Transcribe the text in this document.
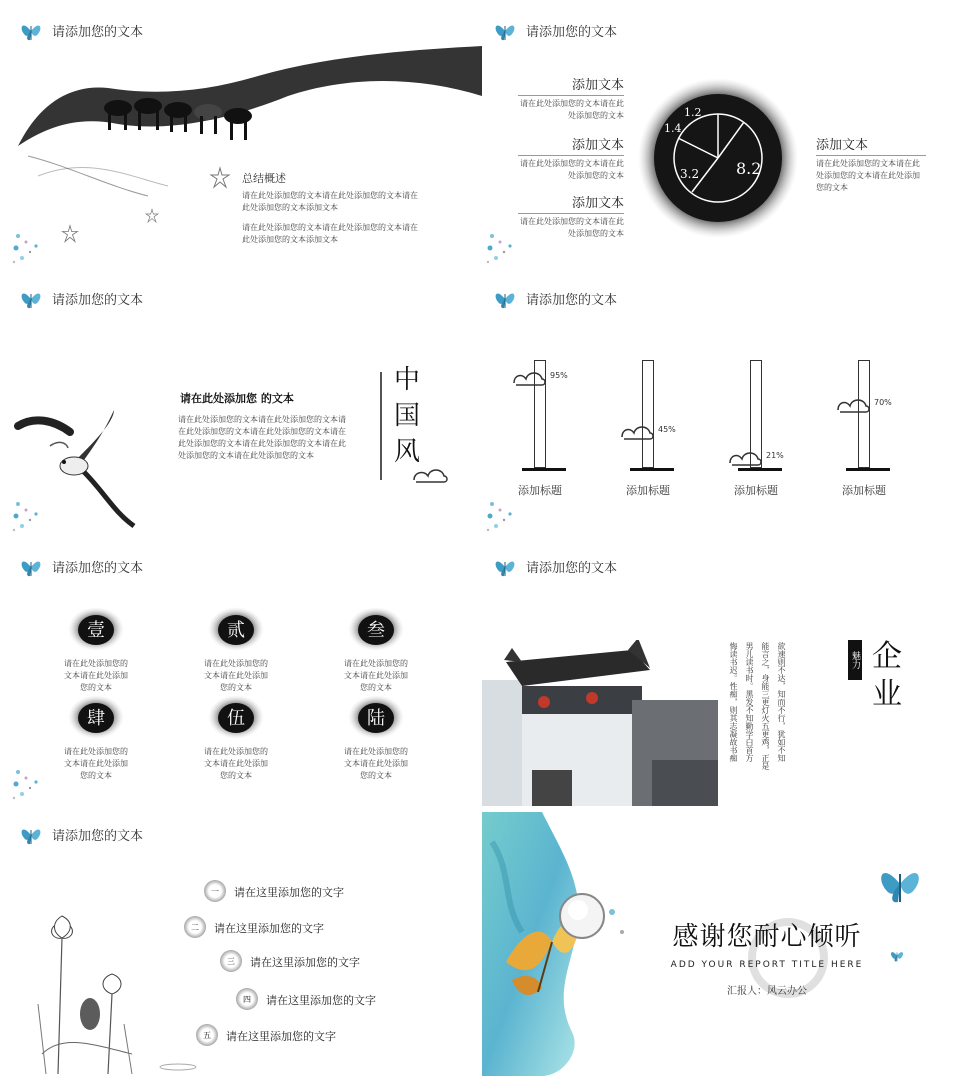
请添加您的文本
总结概述
请在此处添加您的文本请在此处添加您的文本请在此处添加您的文本添加文本
请在此处添加您的文本请在此处添加您的文本请在此处添加您的文本添加文本
请添加您的文本
添加文本
请在此处添加您的文本请在此处添加您的文本
添加文本
请在此处添加您的文本请在此处添加您的文本
添加文本
请在此处添加您的文本请在此处添加您的文本
1.2
1.4
3.2 8.2
添加文本
请在此处添加您的文本请在此处添加您的文本请在此处添加您的文本
请添加您的文本
请在此处添加您 的文本
请在此处添加您的文本请在此处添加您的文本请在此处添加您的文本请在此处添加您的文本请在此处添加您的文本请在此处添加您的文本请在此处添加您的文本请在此处添加您的文本
中
国
风
请添加您的文本
95%
添加标题
45%
添加标题
21%
添加标题
70%
添加标题
请添加您的文本
壹
请在此处添加您的文本请在此处添加您的文本
贰
请在此处添加您的文本请在此处添加您的文本
叁
请在此处添加您的文本请在此处添加您的文本
肆
请在此处添加您的文本请在此处添加您的文本
伍
请在此处添加您的文本请在此处添加您的文本
陆
请在此处添加您的文本请在此处添加您的文本
请添加您的文本
欲速则不达，知而不行，犹如不知
能言之，身能三更灯火五更鸡，正是
男儿读书时。黑发不知勤学白首方
悔读书迟。性痴，则其志凝故书痴	魅力 企
业
请添加您的文本
一	请在这里添加您的文字
二	请在这里添加您的文字
三	请在这里添加您的文字
四	请在这里添加您的文字
五	请在这里添加您的文字
感谢您耐心倾听
ADD YOUR REPORT TITLE HERE
汇报人：风云办公
